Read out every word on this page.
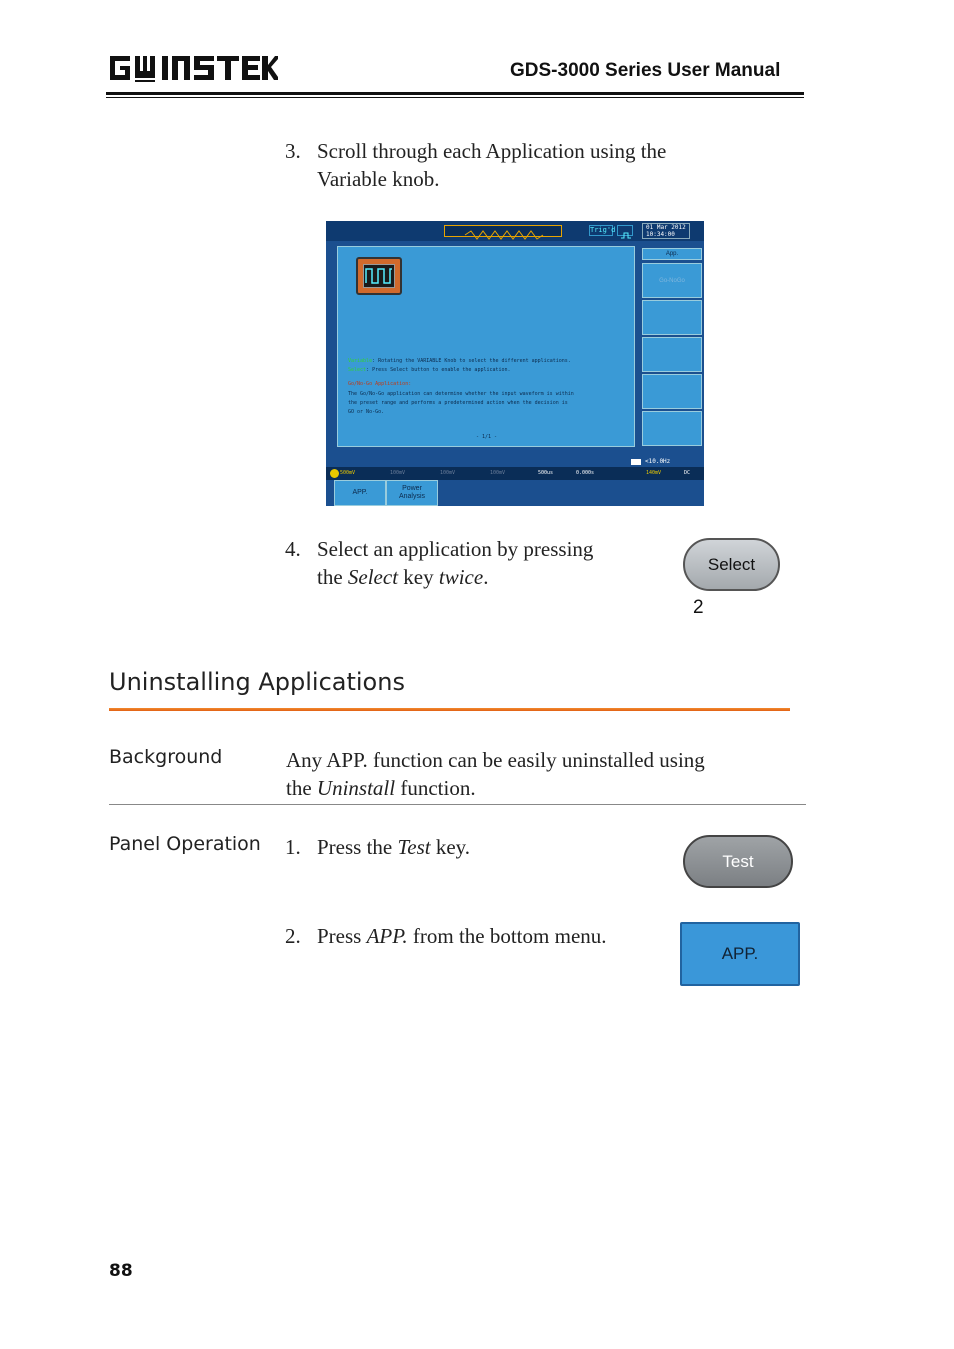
GDS-3000 Series User Manual
3. Scroll through each Application using the
Variable knob.
Trig'd	01 Mar 2012
10:34:00
Variable: Rotating the VARIABLE Knob to select the different applications.
Select: Press Select button to enable the application.
Go/No-Go Application:
The Go/No-Go application can determine whether the input waveform is within
the preset range and performs a predetermined action when the decision is
GO or No-Go.
- 1/1 -
App.
Go-NoGo
<10.0Hz
500mV	100mV	100mV	100mV	500us	0.000s	140mV	DC
APP.
Power
Analysis
4. Select an application by pressing
the Select key twice.
Select
2
Uninstalling Applications
Background	Any APP. function can be easily uninstalled using
the Uninstall function.
Panel Operation 1. Press the Test key.
Test
2. Press APP. from the bottom menu.
APP.
88
